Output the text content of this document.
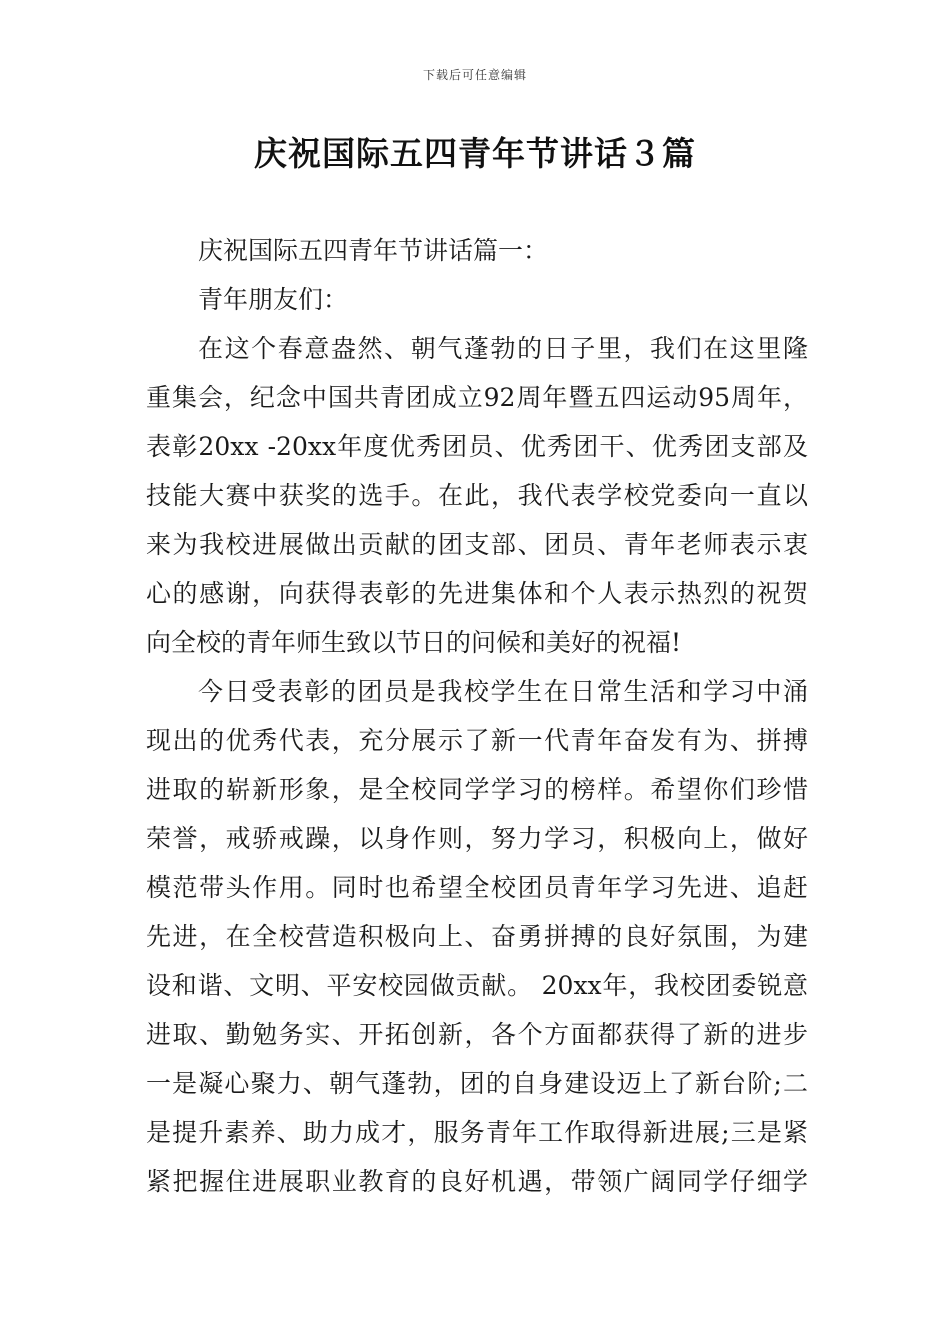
下载后可任意编辑
庆祝国际五四青年节讲话３篇
庆祝国际五四青年节讲话篇一：
青年朋友们：
在这个春意盎然、朝气蓬勃的日子里，我们在这里隆
重集会，纪念中国共青团成立92周年暨五四运动95周年，
表彰20xx -20xx年度优秀团员、优秀团干、优秀团支部及
技能大赛中获奖的选手。在此，我代表学校党委向一直以
来为我校进展做出贡献的团支部、团员、青年老师表示衷
心的感谢，向获得表彰的先进集体和个人表示热烈的祝贺
向全校的青年师生致以节日的问候和美好的祝福!
今日受表彰的团员是我校学生在日常生活和学习中涌
现出的优秀代表，充分展示了新一代青年奋发有为、拼搏
进取的崭新形象，是全校同学学习的榜样。希望你们珍惜
荣誉，戒骄戒躁，以身作则，努力学习，积极向上，做好
模范带头作用。同时也希望全校团员青年学习先进、追赶
先进，在全校营造积极向上、奋勇拼搏的良好氛围，为建
设和谐、文明、平安校园做贡献。 20xx年，我校团委锐意
进取、勤勉务实、开拓创新，各个方面都获得了新的进步
一是凝心聚力、朝气蓬勃，团的自身建设迈上了新台阶;二
是提升素养、助力成才，服务青年工作取得新进展;三是紧
紧把握住进展职业教育的良好机遇，带领广阔同学仔细学
